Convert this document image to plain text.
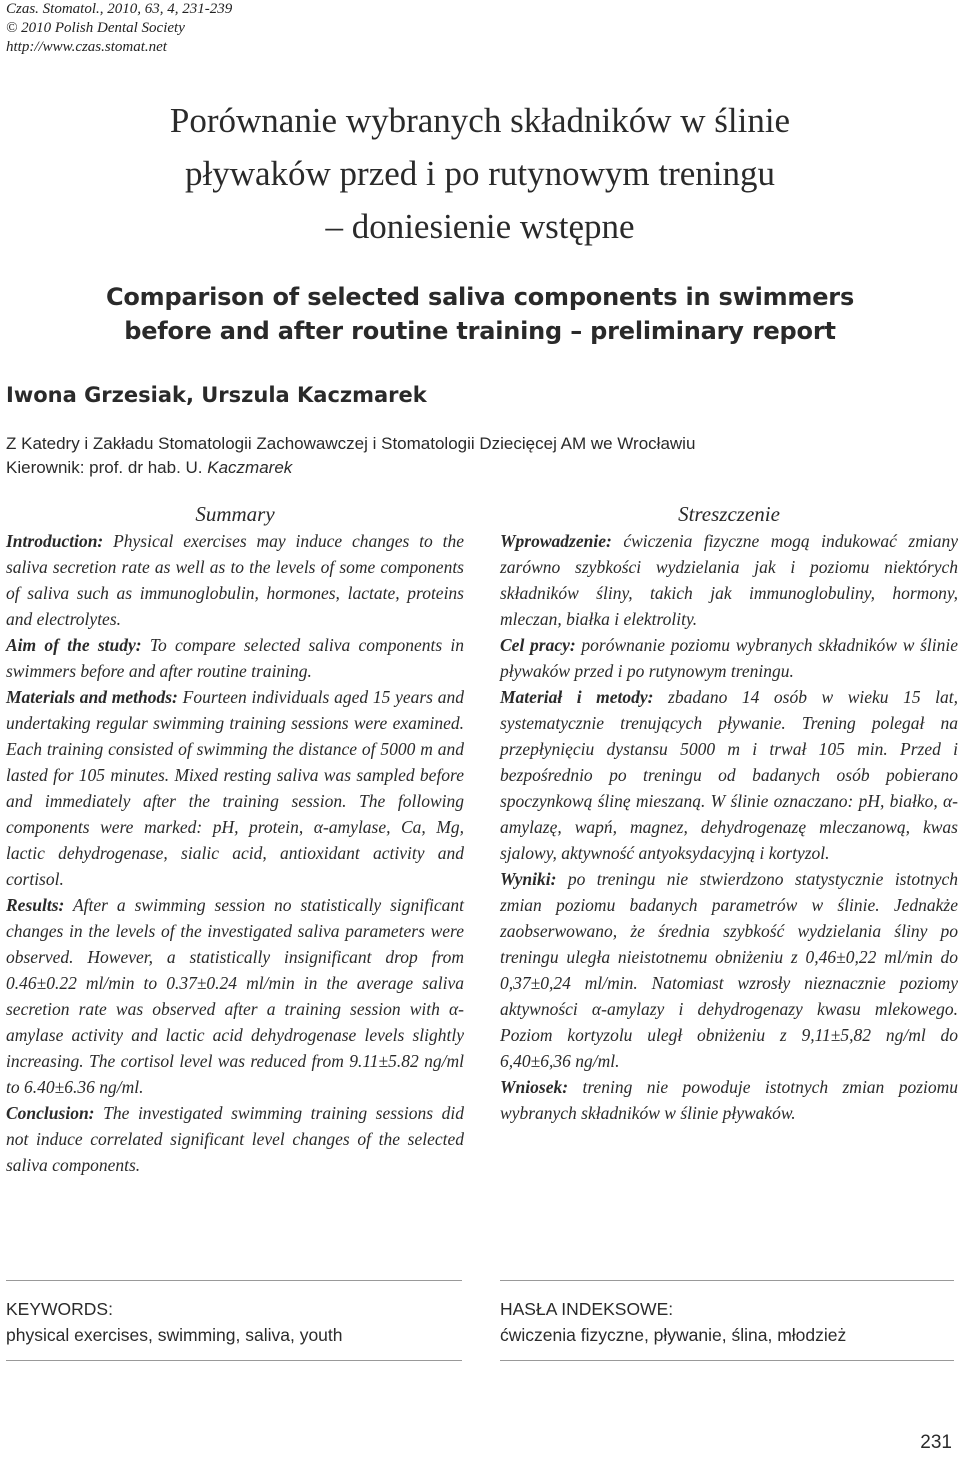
Czas. Stomatol., 2010, 63, 4, 231-239
© 2010 Polish Dental Society
http://www.czas.stomat.net
Porównanie wybranych składników w ślinie
pływaków przed i po rutynowym treningu
– doniesienie wstępne
Comparison of selected saliva components in swimmers
before and after routine training – preliminary report
Iwona Grzesiak, Urszula Kaczmarek
Z Katedry i Zakładu Stomatologii Zachowawczej i Stomatologii Dziecięcej AM we Wrocławiu
Kierownik: prof. dr hab. U. Kaczmarek
Summary

Introduction: Physical exercises may induce changes to the saliva secretion rate as well as to the levels of some components of saliva such as immunoglobulin, hormones, lactate, proteins and electrolytes.

Aim of the study: To compare selected saliva components in swimmers before and after routine training.

Materials and methods: Fourteen individuals aged 15 years and undertaking regular swimming training sessions were examined. Each training consisted of swimming the distance of 5000 m and lasted for 105 minutes. Mixed resting saliva was sampled before and immediately after the training session. The following components were marked: pH, protein, α-amylase, Ca, Mg, lactic dehydrogenase, sialic acid, antioxidant activity and cortisol.

Results: After a swimming session no statistically significant changes in the levels of the investigated saliva parameters were observed. However, a statistically insignificant drop from 0.46±0.22 ml/min to 0.37±0.24 ml/min in the average saliva secretion rate was observed after a training session with α-amylase activity and lactic acid dehydrogenase levels slightly increasing. The cortisol level was reduced from 9.11±5.82 ng/ml to 6.40±6.36 ng/ml.

Conclusion: The investigated swimming training sessions did not induce correlated significant level changes of the selected saliva components.

Streszczenie

Wprowadzenie: ćwiczenia fizyczne mogą indukować zmiany zarówno szybkości wydzielania jak i poziomu niektórych składników śliny, takich jak immunoglobuliny, hormony, mleczan, białka i elektrolity.

Cel pracy: porównanie poziomu wybranych składników w ślinie pływaków przed i po rutynowym treningu.

Materiał i metody: zbadano 14 osób w wieku 15 lat, systematycznie trenujących pływanie. Trening polegał na przepłynięciu dystansu 5000 m i trwał 105 min. Przed i bezpośrednio po treningu od badanych osób pobierano spoczynkową ślinę mieszaną. W ślinie oznaczano: pH, białko, α-amylazę, wapń, magnez, dehydrogenazę mleczanową, kwas sjalowy, aktywność antyoksydacyjną i kortyzol.

Wyniki: po treningu nie stwierdzono statystycznie istotnych zmian poziomu badanych parametrów w ślinie. Jednakże zaobserwowano, że średnia szybkość wydzielania śliny po treningu uległa nieistotnemu obniżeniu z 0,46±0,22 ml/min do 0,37±0,24 ml/min. Natomiast wzrosły nieznacznie poziomy aktywności α-amylazy i dehydrogenazy kwasu mlekowego. Poziom kortyzolu uległ obniżeniu z 9,11±5,82 ng/ml do 6,40±6,36 ng/ml.

Wniosek: trening nie powoduje istotnych zmian poziomu wybranych składników w ślinie pływaków.

KEYWORDS:
physical exercises, swimming, saliva, youth
HASŁA INDEKSOWE:
ćwiczenia fizyczne, pływanie, ślina, młodzież
231
